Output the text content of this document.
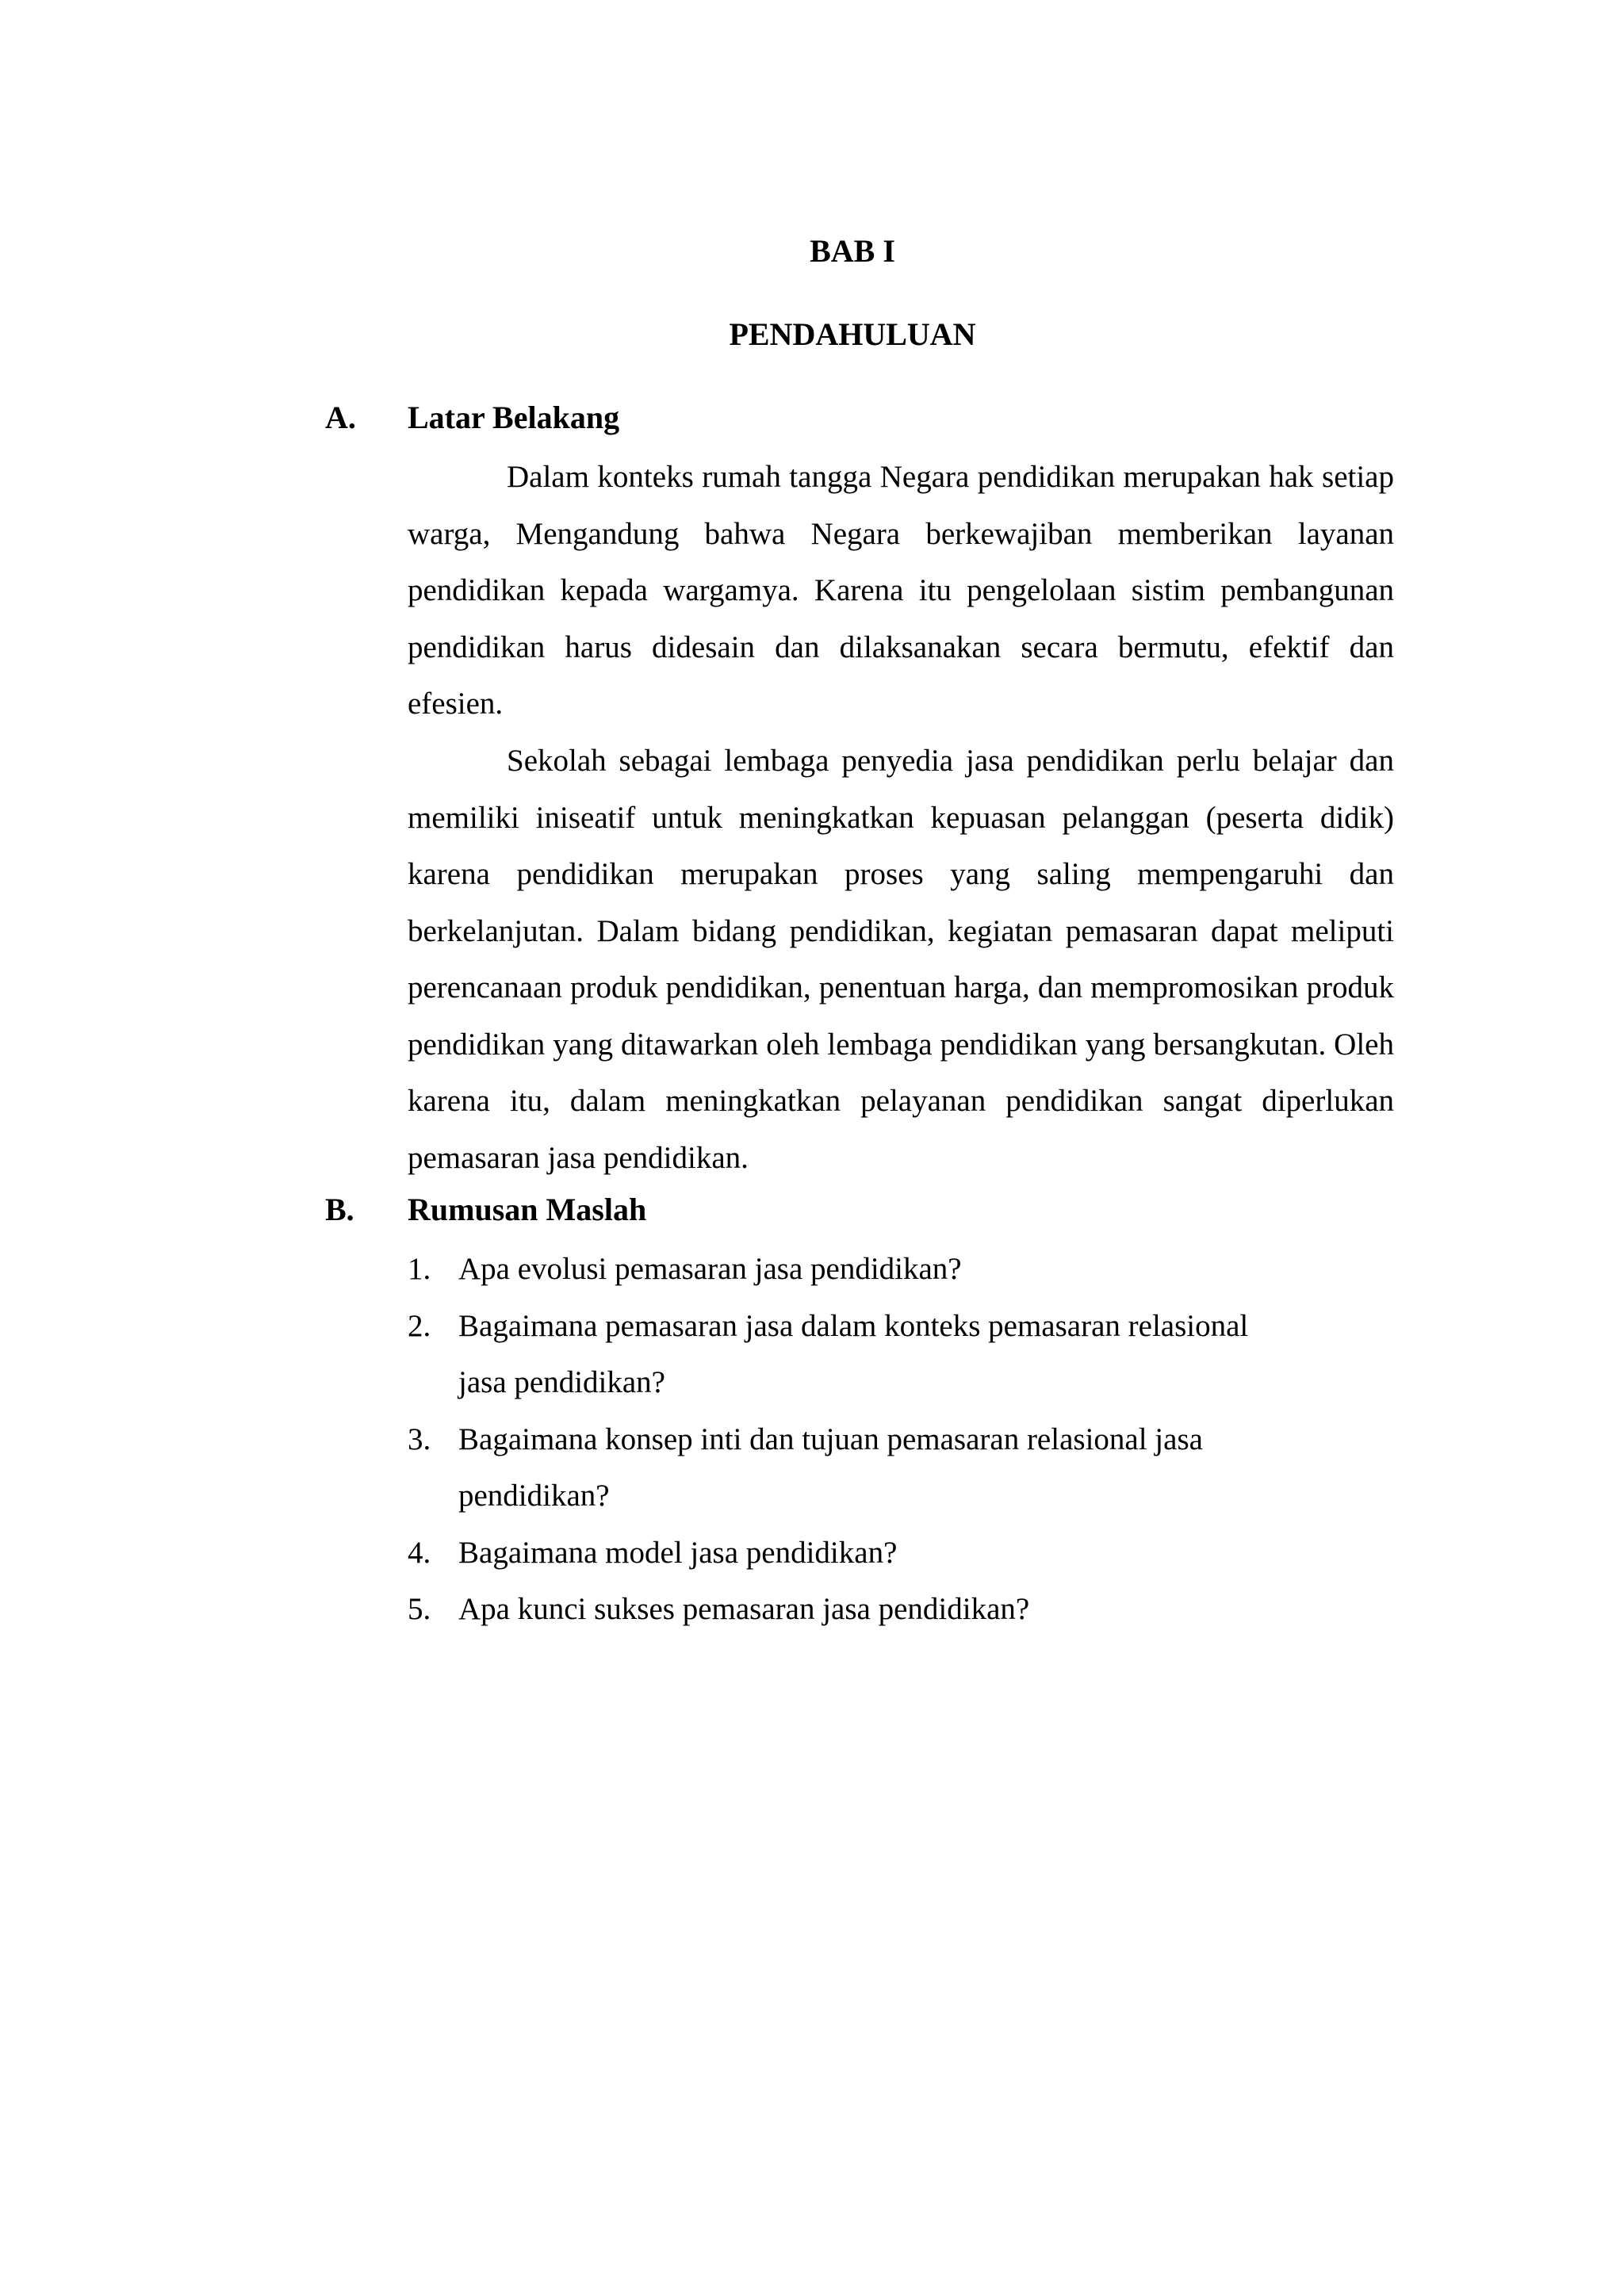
BAB I
PENDAHULUAN
A. Latar Belakang

Dalam konteks rumah tangga Negara pendidikan merupakan hak setiap warga, Mengandung bahwa Negara berkewajiban memberikan layanan pendidikan kepada wargamya. Karena itu pengelolaan sistim pembangunan pendidikan harus didesain dan dilaksanakan secara bermutu, efektif dan efesien.

Sekolah sebagai lembaga penyedia jasa pendidikan perlu belajar dan memiliki iniseatif untuk meningkatkan kepuasan pelanggan (peserta didik) karena pendidikan merupakan proses yang saling mempengaruhi dan berkelanjutan. Dalam bidang pendidikan, kegiatan pemasaran dapat meliputi perencanaan produk pendidikan, penentuan harga, dan mempromosikan produk pendidikan yang ditawarkan oleh lembaga pendidikan yang bersangkutan. Oleh karena itu, dalam meningkatkan pelayanan pendidikan sangat diperlukan pemasaran jasa pendidikan.

B. Rumusan Maslah
1. Apa evolusi pemasaran jasa pendidikan?
2. Bagaimana pemasaran jasa dalam konteks pemasaran relasional jasa pendidikan?
3. Bagaimana konsep inti dan tujuan pemasaran relasional jasa pendidikan?
4. Bagaimana model jasa pendidikan?
5. Apa kunci sukses pemasaran jasa pendidikan?
